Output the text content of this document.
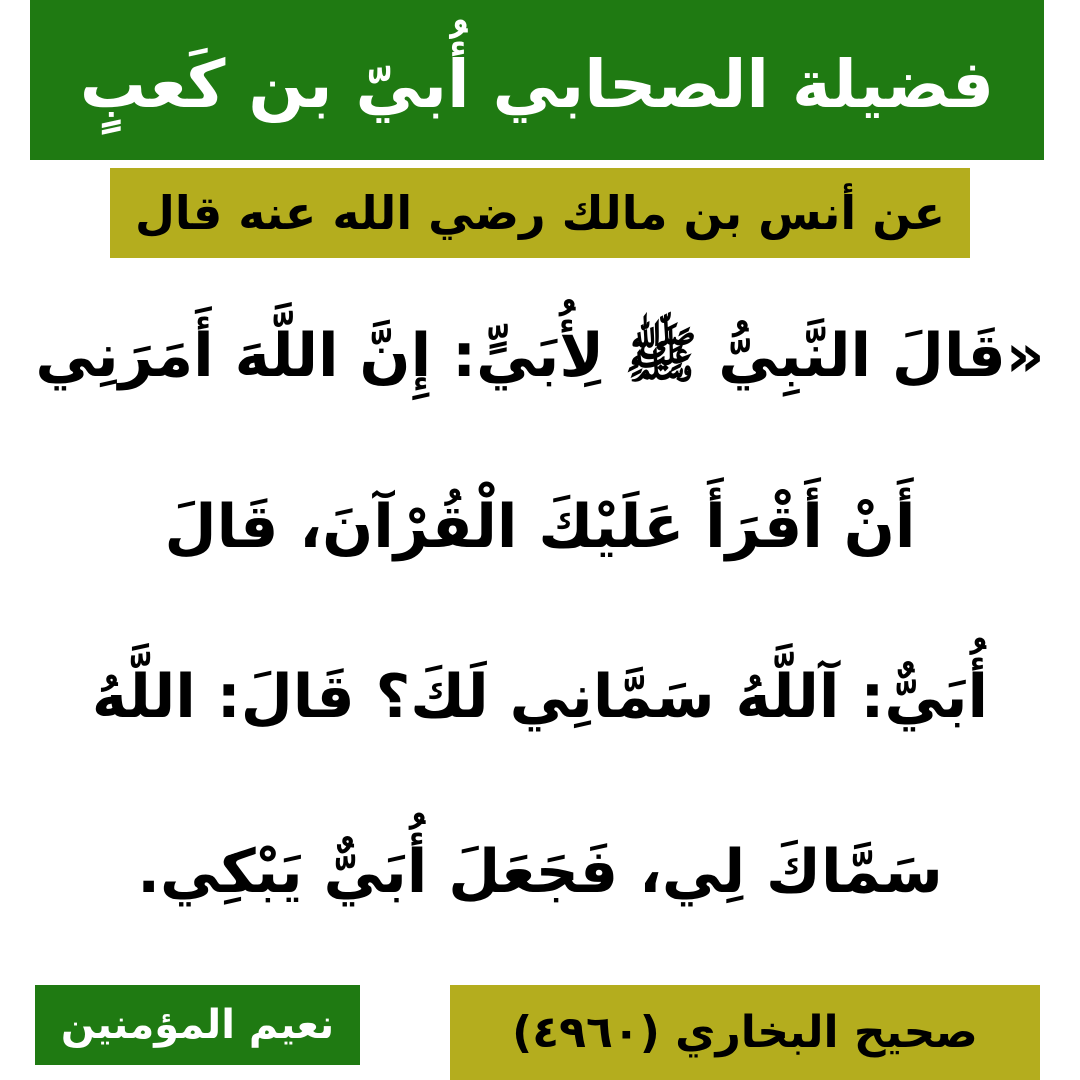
فضيلة الصحابي أُبيّ بن كَعبٍ
عن أنس بن مالك رضي الله عنه قال
«قَالَ النَّبِيُّ ﷺ لِأُبَيٍّ: إِنَّ اللَّهَ أَمَرَنِي
أَنْ أَقْرَأَ عَلَيْكَ الْقُرْآنَ، قَالَ
أُبَيٌّ: آللَّهُ سَمَّانِي لَكَ؟ قَالَ: اللَّهُ
سَمَّاكَ لِي، فَجَعَلَ أُبَيٌّ يَبْكِي.
صحيح البخاري (٤٩٦٠)
نعيم المؤمنين
